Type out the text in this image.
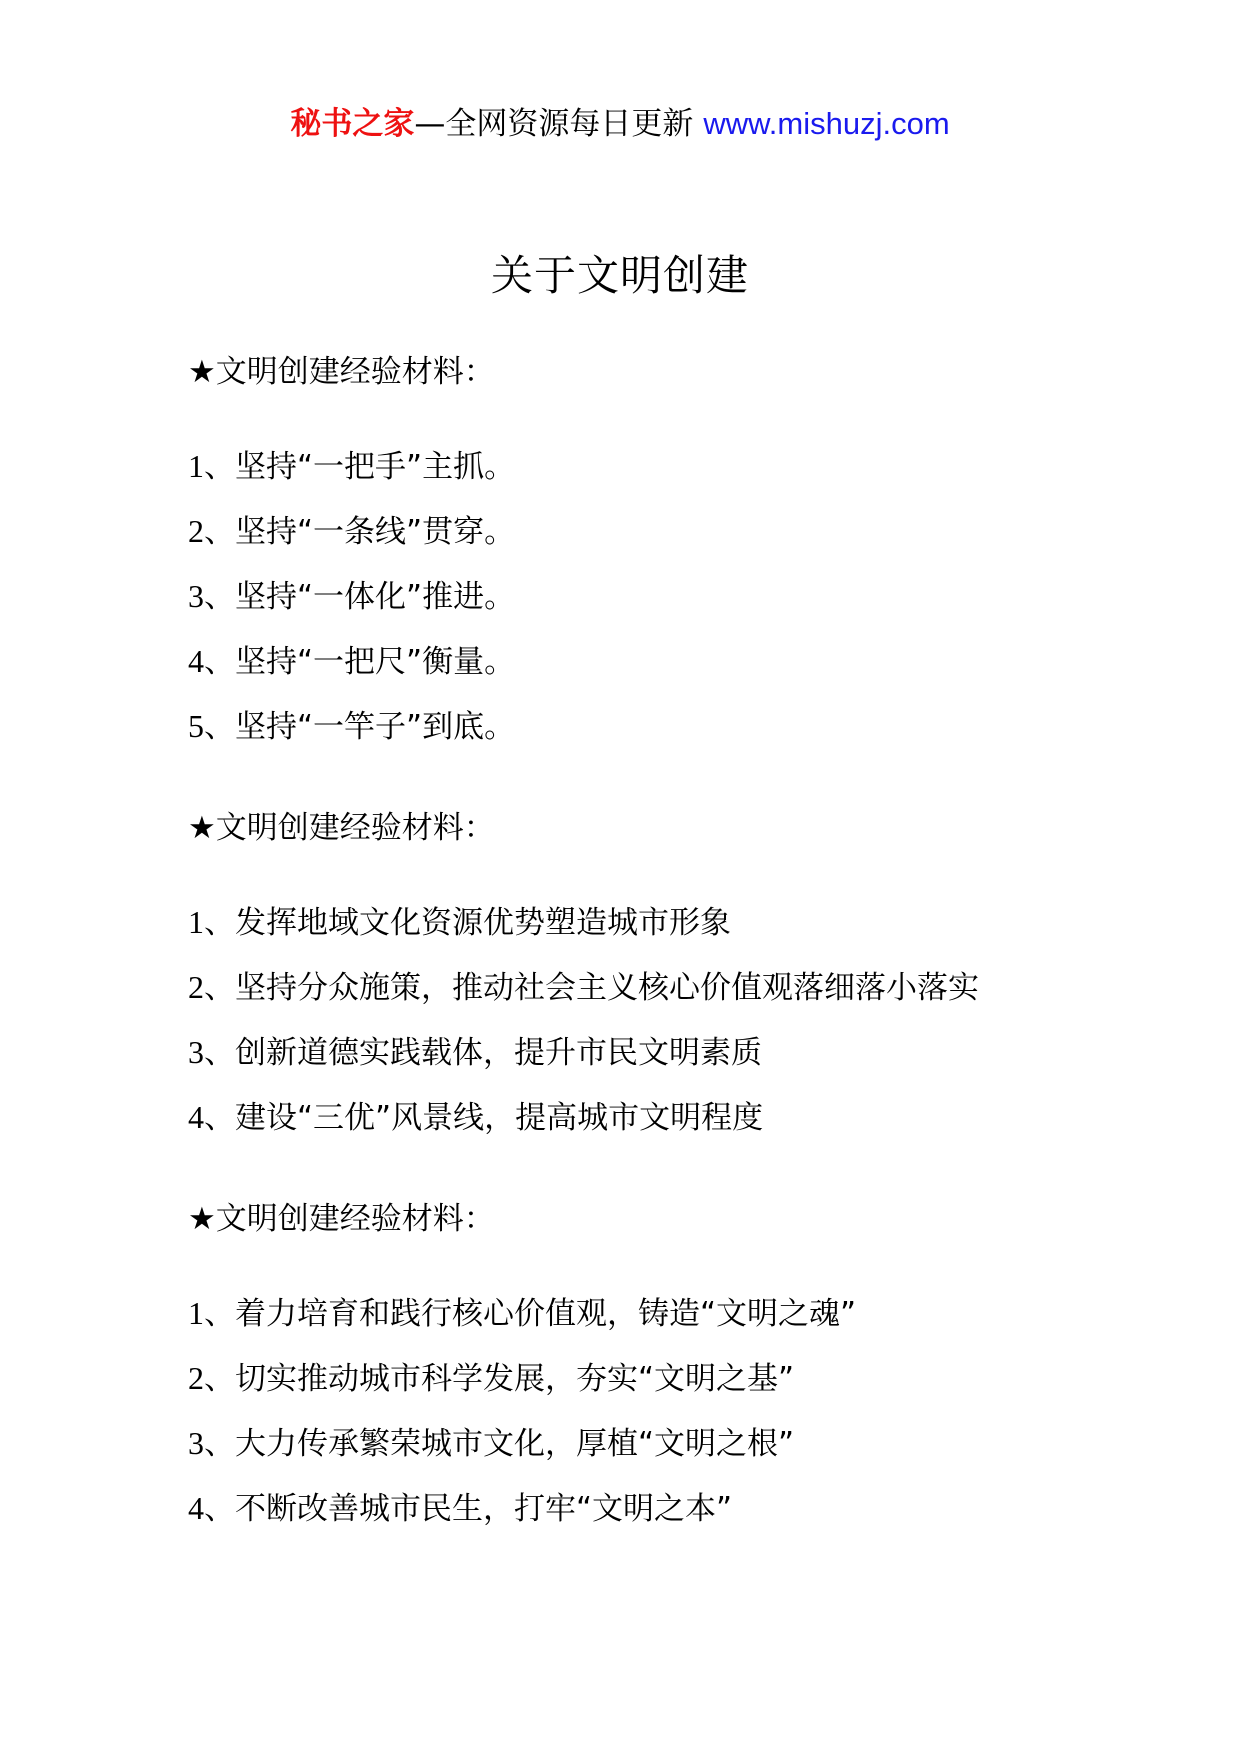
秘书之家—全网资源每日更新 www.mishuzj.com
关于文明创建
★文明创建经验材料：
1、坚持“一把手”主抓。
2、坚持“一条线”贯穿。
3、坚持“一体化”推进。
4、坚持“一把尺”衡量。
5、坚持“一竿子”到底。
★文明创建经验材料：
1、发挥地域文化资源优势塑造城市形象
2、坚持分众施策，推动社会主义核心价值观落细落小落实
3、创新道德实践载体，提升市民文明素质
4、建设“三优”风景线，提高城市文明程度
★文明创建经验材料：
1、着力培育和践行核心价值观，铸造“文明之魂”
2、切实推动城市科学发展，夯实“文明之基”
3、大力传承繁荣城市文化，厚植“文明之根”
4、不断改善城市民生，打牢“文明之本”
